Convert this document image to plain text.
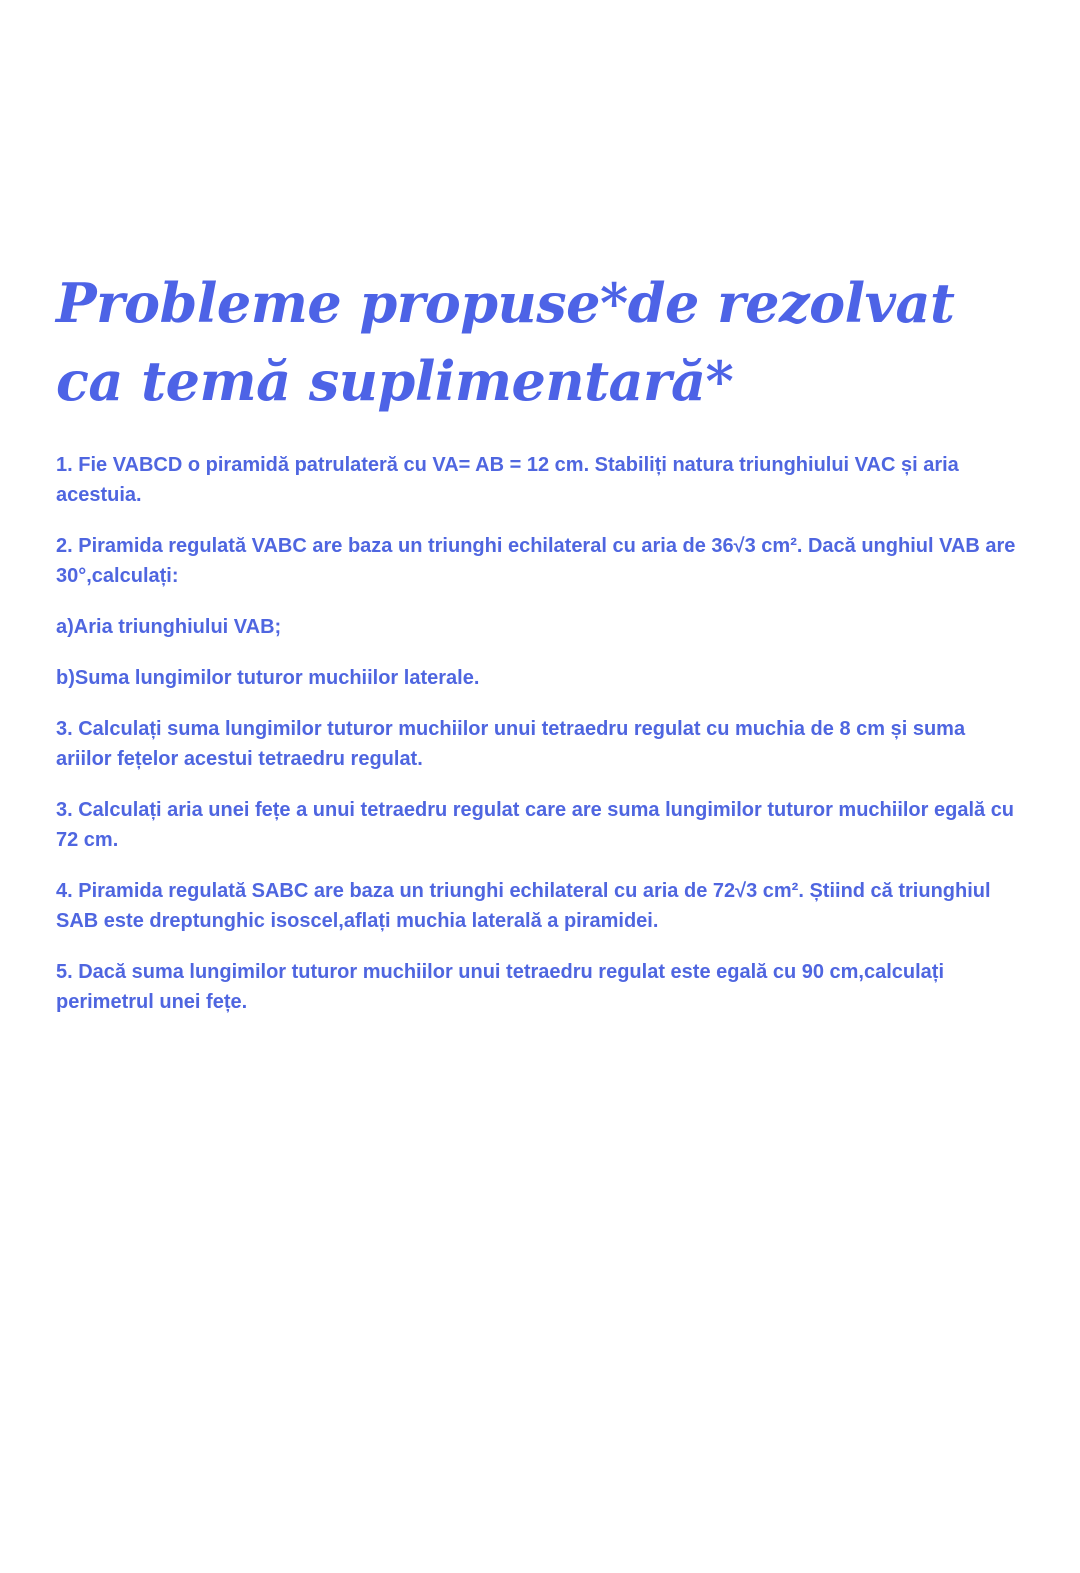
Probleme propuse*de rezolvat ca temă suplimentară*

1. Fie VABCD o piramidă patrulateră cu VA= AB = 12 cm. Stabiliți natura triunghiului VAC și aria acestuia.

2. Piramida regulată VABC are baza un triunghi echilateral cu aria de 36√3 cm². Dacă unghiul VAB are 30°,calculați:

a)Aria triunghiului VAB;

b)Suma lungimilor tuturor muchiilor laterale.

3. Calculați suma lungimilor tuturor muchiilor unui tetraedru regulat cu muchia de 8 cm și suma ariilor fețelor acestui tetraedru regulat.

3. Calculați aria unei fețe a unui tetraedru regulat care are suma lungimilor tuturor muchiilor egală cu 72 cm.

4. Piramida regulată SABC are baza un triunghi echilateral cu aria de 72√3 cm². Știind că triunghiul SAB este dreptunghic isoscel,aflați muchia laterală a piramidei.

5. Dacă suma lungimilor tuturor muchiilor unui tetraedru regulat este egală cu 90 cm,calculați perimetrul unei fețe.
